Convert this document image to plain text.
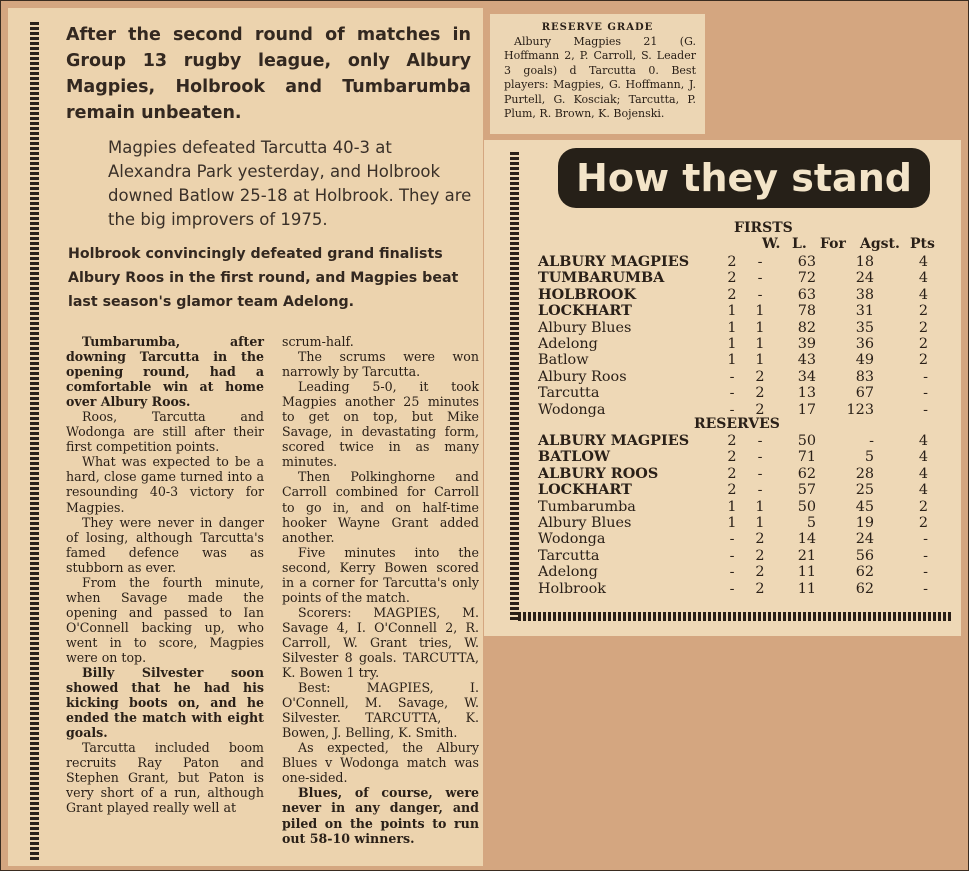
After the second round of matches in Group 13 rugby league, only Albury Magpies, Holbrook and Tumbarumba remain unbeaten.
Magpies defeated Tarcutta 40-3 at Alexandra Park yesterday, and Holbrook downed Batlow 25-18 at Holbrook. They are the big improvers of 1975.
Holbrook convincingly defeated grand finalists Albury Roos in the first round, and Magpies beat last season's glamor team Adelong.

Tumbarumba, after downing Tarcutta in the opening round, had a comfortable win at home over Albury Roos.

Roos, Tarcutta and Wodonga are still after their first competition points.

What was expected to be a hard, close game turned into a resounding 40-3 victory for Magpies.

They were never in danger of losing, although Tarcutta's famed defence was as stubborn as ever.

From the fourth minute, when Savage made the opening and passed to Ian O'Connell backing up, who went in to score, Magpies were on top.

Billy Silvester soon showed that he had his kicking boots on, and he ended the match with eight goals.

Tarcutta included boom recruits Ray Paton and Stephen Grant, but Paton is very short of a run, although Grant played really well at

scrum-half.

The scrums were won narrowly by Tarcutta.

Leading 5-0, it took Magpies another 25 minutes to get on top, but Mike Savage, in devastating form, scored twice in as many minutes.

Then Polkinghorne and Carroll combined for Carroll to go in, and on half-time hooker Wayne Grant added another.

Five minutes into the second, Kerry Bowen scored in a corner for Tarcutta's only points of the match.

Scorers: MAGPIES, M. Savage 4, I. O'Connell 2, R. Carroll, W. Grant tries, W. Silvester 8 goals. TARCUTTA, K. Bowen 1 try.

Best: MAGPIES, I. O'Connell, M. Savage, W. Silvester. TARCUTTA, K. Bowen, J. Belling, K. Smith.

As expected, the Albury Blues v Wodonga match was one-sided.

Blues, of course, were never in any danger, and piled on the points to run out 58-10 winners.

RESERVE GRADE
Albury Magpies 21 (G. Hoffmann 2, P. Carroll, S. Leader 3 goals) d Tarcutta 0. Best players: Magpies, G. Hoffmann, J. Purtell, G. Kosciak; Tarcutta, P. Plum, R. Brown, K. Bojenski.
How they stand
FIRSTS
W. L. For Agst. Pts
ALBURY MAGPIES	2	-	63	18	4
TUMBARUMBA	2	-	72	24	4
HOLBROOK	2	-	63	38	4
LOCKHART	1	1	78	31	2
Albury Blues	1	1	82	35	2
Adelong	1	1	39	36	2
Batlow	1	1	43	49	2
Albury Roos	-	2	34	83	-
Tarcutta	-	2	13	67	-
Wodonga	-	2	17	123	-
RESERVES
ALBURY MAGPIES	2	-	50	-	4
BATLOW	2	-	71	5	4
ALBURY ROOS	2	-	62	28	4
LOCKHART	2	-	57	25	4
Tumbarumba	1	1	50	45	2
Albury Blues	1	1	5	19	2
Wodonga	-	2	14	24	-
Tarcutta	-	2	21	56	-
Adelong	-	2	11	62	-
Holbrook	-	2	11	62	-
